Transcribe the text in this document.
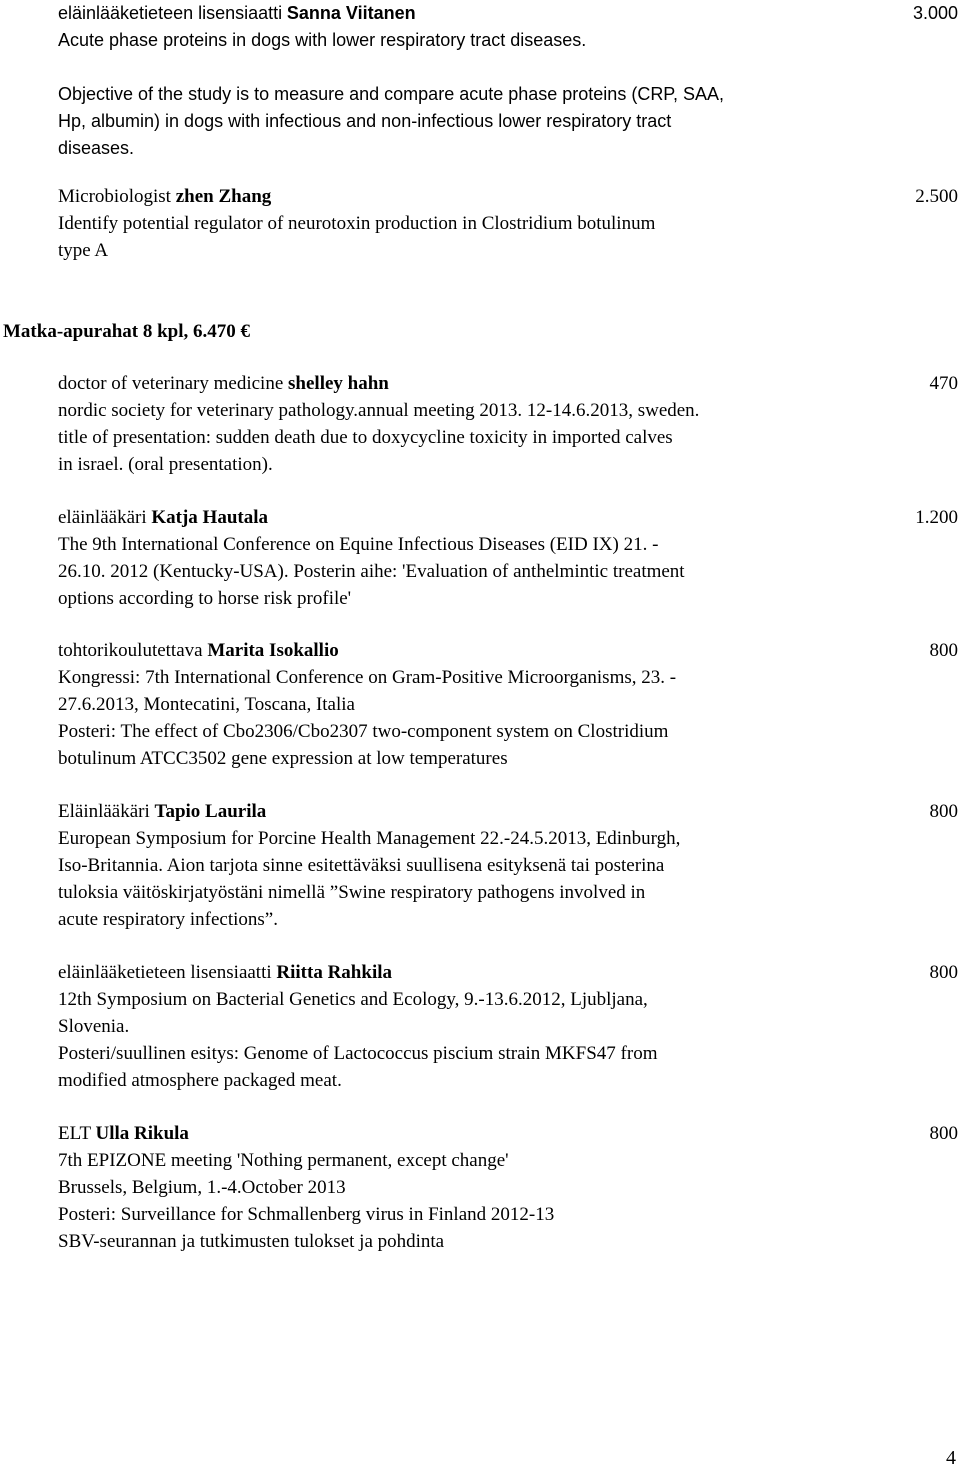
eläinlääketieteen lisensiaatti Sanna Viitanen	3.000

Acute phase proteins in dogs with lower respiratory tract diseases.

Objective of the study is to measure and compare acute phase proteins (CRP, SAA,

Hp, albumin) in dogs with infectious and non-infectious lower respiratory tract

diseases.

Microbiologist zhen Zhang	2.500

Identify potential regulator of neurotoxin production in Clostridium botulinum

type A

Matka-apurahat 8 kpl, 6.470 €
doctor of veterinary medicine shelley hahn	470

nordic society for veterinary pathology.annual meeting 2013. 12-14.6.2013, sweden.

title of presentation: sudden death due to doxycycline toxicity in imported calves

in israel. (oral presentation).

eläinlääkäri Katja Hautala	1.200

The 9th International Conference on Equine Infectious Diseases (EID IX) 21. -

26.10. 2012 (Kentucky-USA). Posterin aihe: 'Evaluation of anthelmintic treatment

options according to horse risk profile'

tohtorikoulutettava Marita Isokallio	800

Kongressi: 7th International Conference on Gram-Positive Microorganisms, 23. -

27.6.2013, Montecatini, Toscana, Italia

Posteri: The effect of Cbo2306/Cbo2307 two-component system on Clostridium

botulinum ATCC3502 gene expression at low temperatures

Eläinlääkäri Tapio Laurila	800

European Symposium for Porcine Health Management 22.-24.5.2013, Edinburgh,

Iso-Britannia. Aion tarjota sinne esitettäväksi suullisena esityksenä tai posterina

tuloksia väitöskirjatyöstäni nimellä ”Swine respiratory pathogens involved in

acute respiratory infections”.

eläinlääketieteen lisensiaatti Riitta Rahkila	800

12th Symposium on Bacterial Genetics and Ecology, 9.-13.6.2012, Ljubljana,

Slovenia.

Posteri/suullinen esitys: Genome of Lactococcus piscium strain MKFS47 from

modified atmosphere packaged meat.

ELT Ulla Rikula	800

7th EPIZONE meeting 'Nothing permanent, except change'

Brussels, Belgium, 1.-4.October 2013

Posteri: Surveillance for Schmallenberg virus in Finland 2012-13

SBV-seurannan ja tutkimusten tulokset ja pohdinta

4
